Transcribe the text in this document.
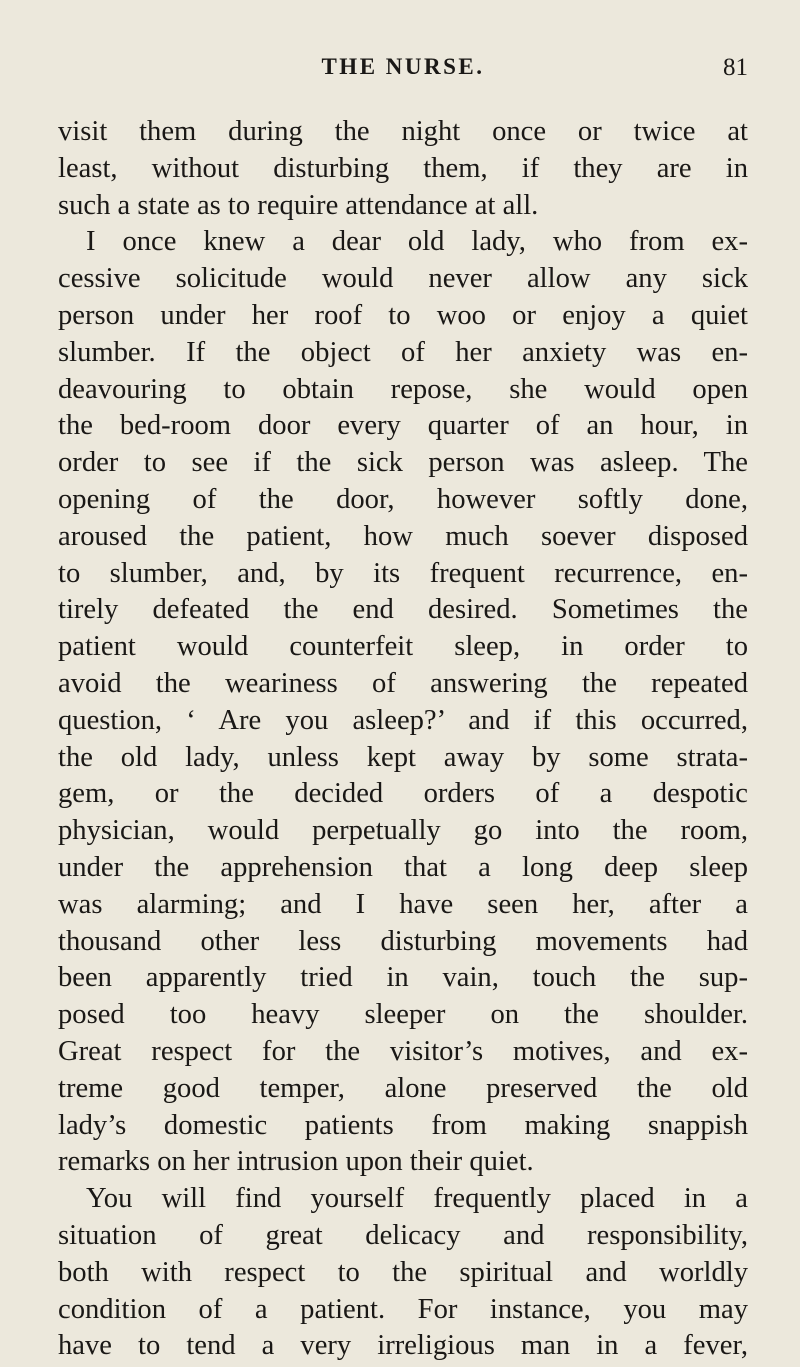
THE NURSE.	81
visit them during the night once or twice at
least, without disturbing them, if they are in
such a state as to require attendance at all.
I once knew a dear old lady, who from ex-
cessive solicitude would never allow any sick
person under her roof to woo or enjoy a quiet
slumber. If the object of her anxiety was en-
deavouring to obtain repose, she would open
the bed-room door every quarter of an hour, in
order to see if the sick person was asleep. The
opening of the door, however softly done,
aroused the patient, how much soever disposed
to slumber, and, by its frequent recurrence, en-
tirely defeated the end desired. Sometimes the
patient would counterfeit sleep, in order to
avoid the weariness of answering the repeated
question, ‘ Are you asleep?’ and if this occurred,
the old lady, unless kept away by some strata-
gem, or the decided orders of a despotic
physician, would perpetually go into the room,
under the apprehension that a long deep sleep
was alarming; and I have seen her, after a
thousand other less disturbing movements had
been apparently tried in vain, touch the sup-
posed too heavy sleeper on the shoulder.
Great respect for the visitor’s motives, and ex-
treme good temper, alone preserved the old
lady’s domestic patients from making snappish
remarks on her intrusion upon their quiet.
You will find yourself frequently placed in a
situation of great delicacy and responsibility,
both with respect to the spiritual and worldly
condition of a patient. For instance, you may
have to tend a very irreligious man in a fever,
